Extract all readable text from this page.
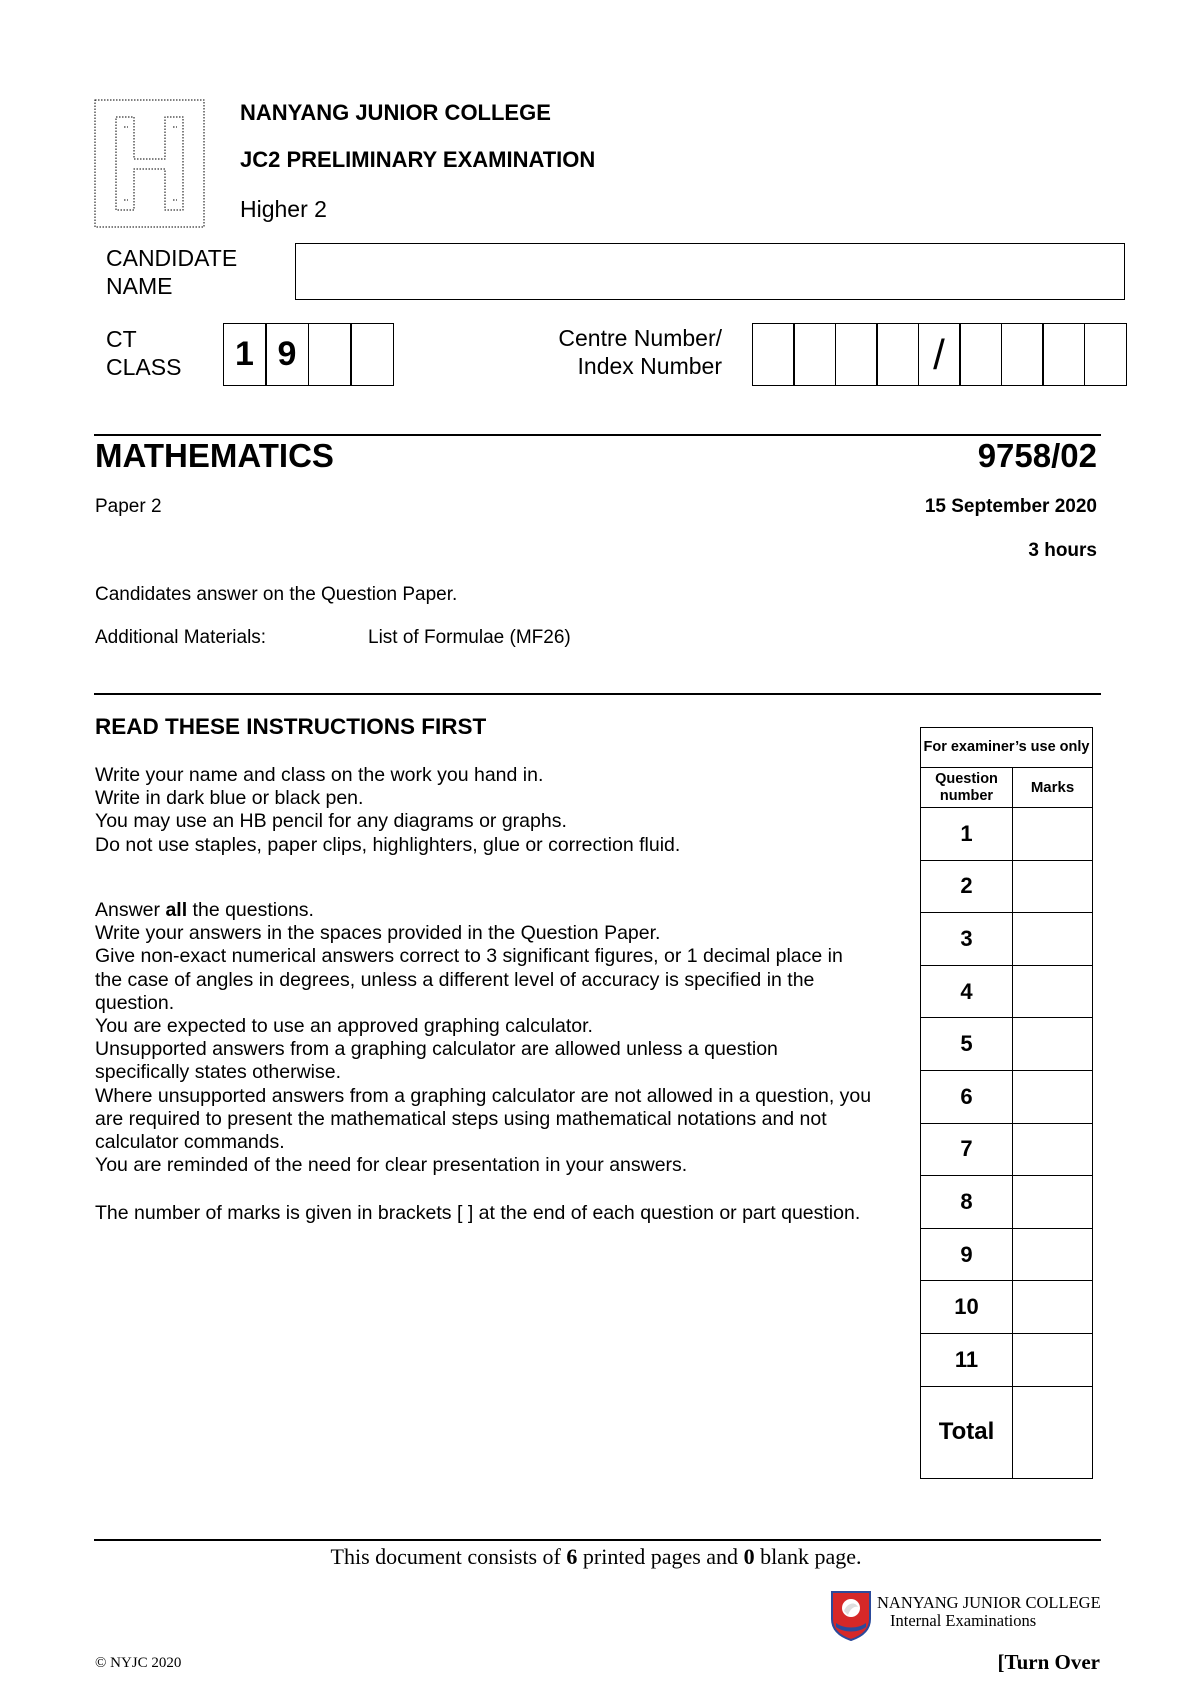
NANYANG JUNIOR COLLEGE
JC2 PRELIMINARY EXAMINATION
Higher 2
CANDIDATE
NAME
CT
CLASS	1 9	Centre Number/
Index Number	/
MATHEMATICS	9758/02
Paper 2	15 September 2020
3 hours
Candidates answer on the Question Paper.
Additional Materials:	List of Formulae (MF26)
READ THESE INSTRUCTIONS FIRST
Write your name and class on the work you hand in.
Write in dark blue or black pen.
You may use an HB pencil for any diagrams or graphs.
Do not use staples, paper clips, highlighters, glue or correction fluid.
Answer all the questions.
Write your answers in the spaces provided in the Question Paper.
Give non-exact numerical answers correct to 3 significant figures, or 1 decimal place in
the case of angles in degrees, unless a different level of accuracy is specified in the
question.
You are expected to use an approved graphing calculator.
Unsupported answers from a graphing calculator are allowed unless a question
specifically states otherwise.
Where unsupported answers from a graphing calculator are not allowed in a question, you
are required to present the mathematical steps using mathematical notations and not
calculator commands.
You are reminded of the need for clear presentation in your answers.
The number of marks is given in brackets [ ] at the end of each question or part question.
For examiner’s use only	
Question number	Marks
1	
2	
3	
4	
5	
6	
7	
8	
9	
10	
11	
Total	
This document consists of 6 printed pages and 0 blank page.
NANYANG JUNIOR COLLEGE
Internal Examinations
© NYJC 2020	[Turn Over
